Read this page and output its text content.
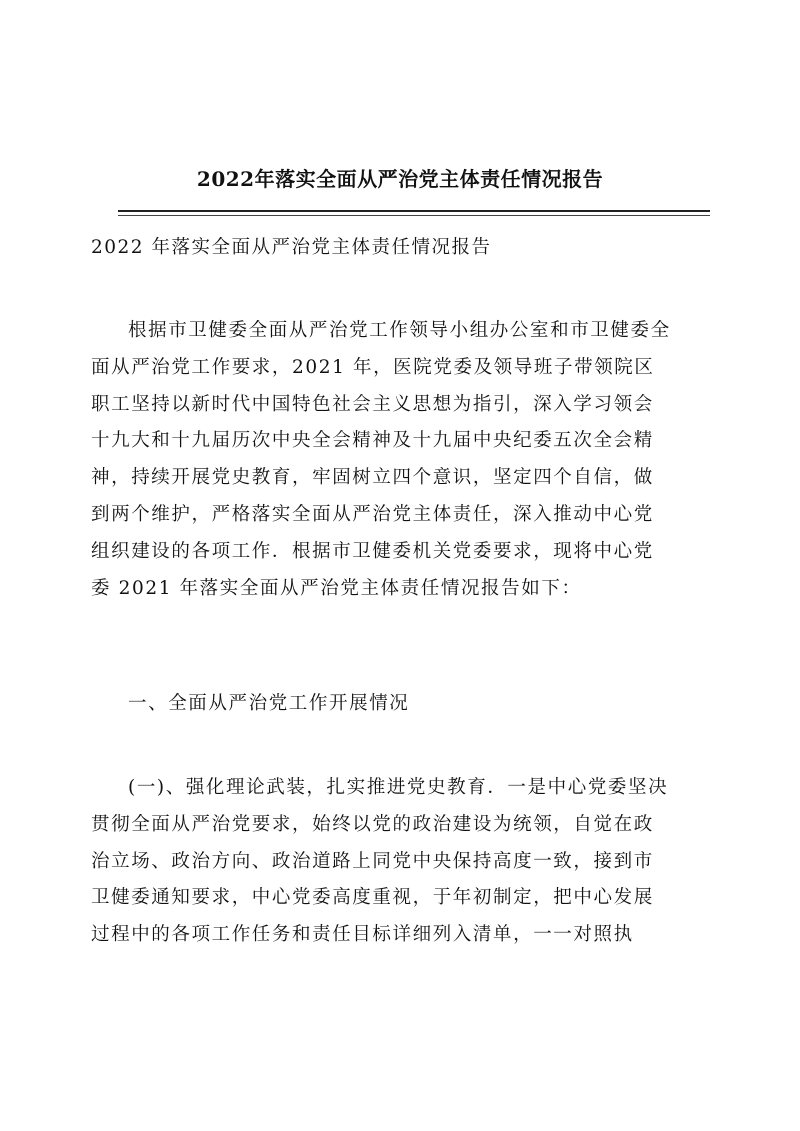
2022年落实全面从严治党主体责任情况报告
2022 年落实全面从严治党主体责任情况报告
根据市卫健委全面从严治党工作领导小组办公室和市卫健委全
面从严治党工作要求，2021 年，医院党委及领导班子带领院区
职工坚持以新时代中国特色社会主义思想为指引，深入学习领会
十九大和十九届历次中央全会精神及十九届中央纪委五次全会精
神，持续开展党史教育，牢固树立四个意识，坚定四个自信，做
到两个维护，严格落实全面从严治党主体责任，深入推动中心党
组织建设的各项工作．根据市卫健委机关党委要求，现将中心党
委 2021 年落实全面从严治党主体责任情况报告如下：
一、全面从严治党工作开展情况
(一)、强化理论武装，扎实推进党史教育．一是中心党委坚决
贯彻全面从严治党要求，始终以党的政治建设为统领，自觉在政
治立场、政治方向、政治道路上同党中央保持高度一致，接到市
卫健委通知要求，中心党委高度重视，于年初制定，把中心发展
过程中的各项工作任务和责任目标详细列入清单，一一对照执
